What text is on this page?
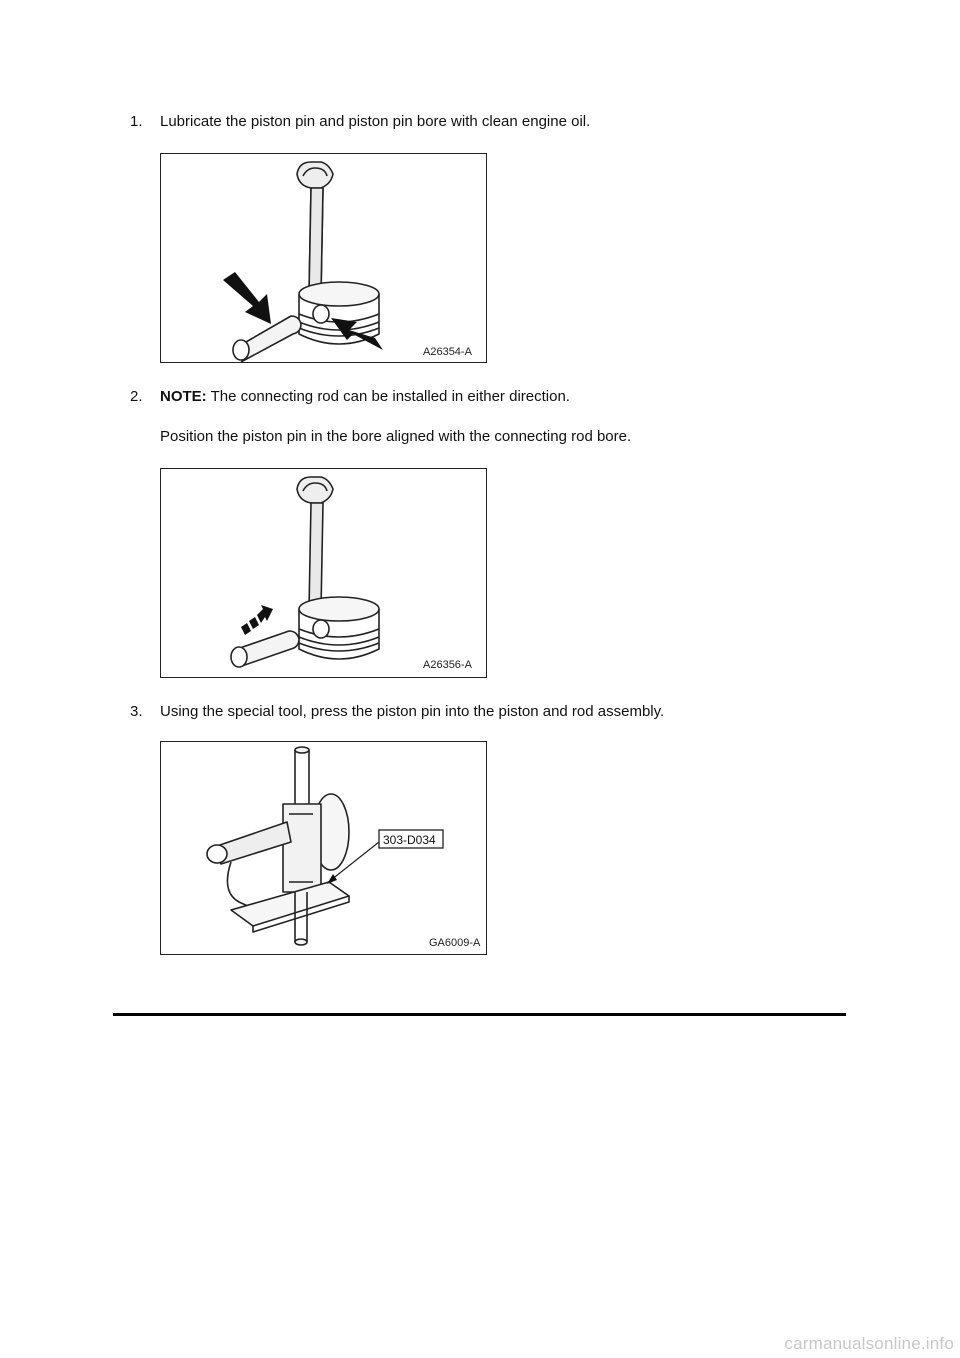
1. Lubricate the piston pin and piston pin bore with clean engine oil.
A26354-A
2. NOTE: The connecting rod can be installed in either direction.
Position the piston pin in the bore aligned with the connecting rod bore.
A26356-A
3. Using the special tool, press the piston pin into the piston and rod assembly.
303-D034
GA6009-A
carmanualsonline.info
